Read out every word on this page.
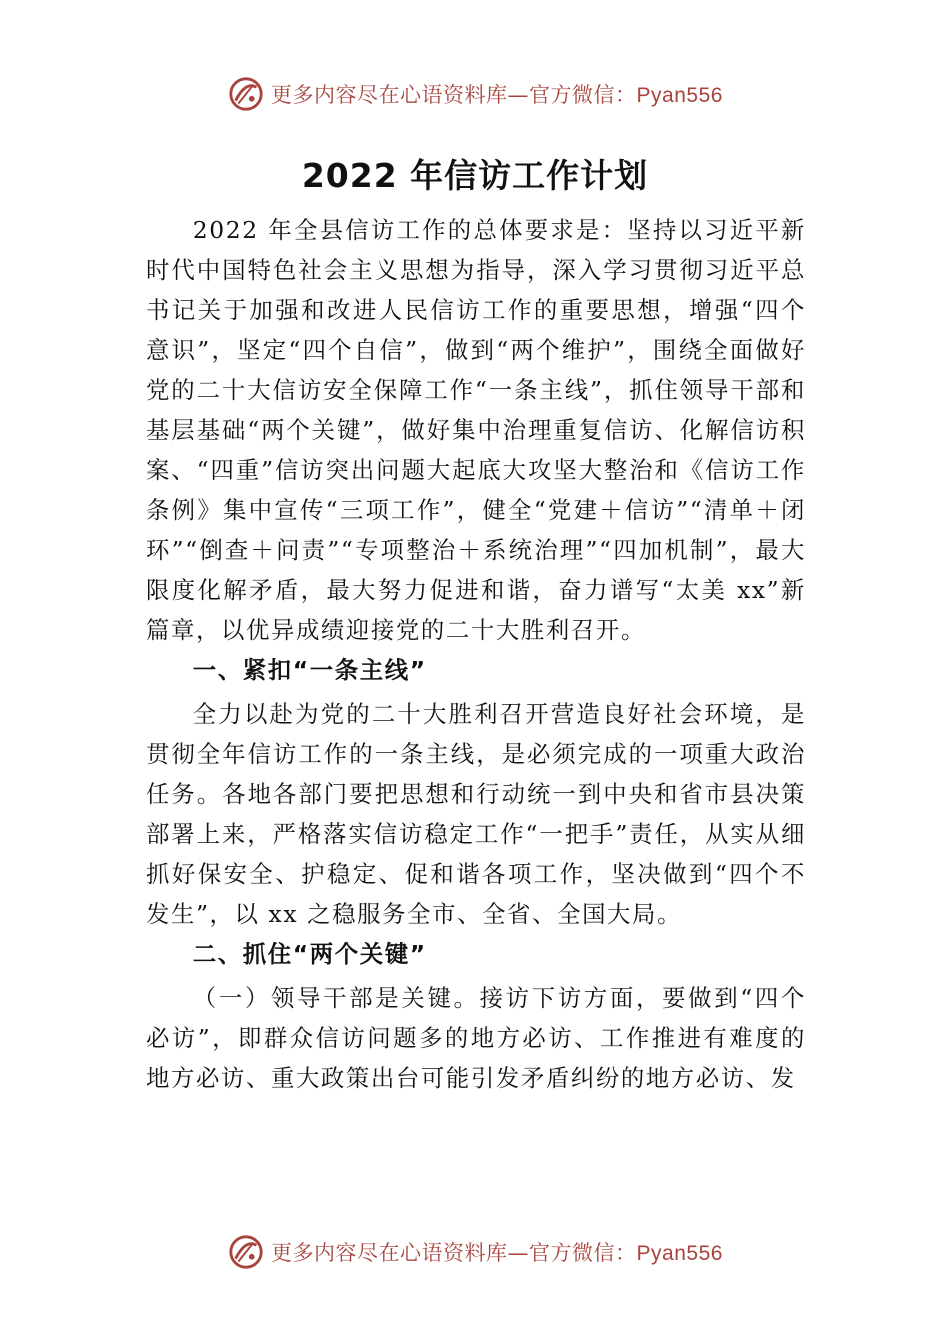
更多内容尽在心语资料库—官方微信：Pyan556
2022 年信访工作计划

2022 年全县信访工作的总体要求是：坚持以习近平新时代中国特色社会主义思想为指导，深入学习贯彻习近平总书记关于加强和改进人民信访工作的重要思想，增强“四个意识”，坚定“四个自信”，做到“两个维护”，围绕全面做好党的二十大信访安全保障工作“一条主线”，抓住领导干部和基层基础“两个关键”，做好集中治理重复信访、化解信访积案、“四重”信访突出问题大起底大攻坚大整治和《信访工作条例》集中宣传“三项工作”，健全“党建＋信访”“清单＋闭环”“倒查＋问责”“专项整治＋系统治理”“四加机制”，最大限度化解矛盾，最大努力促进和谐，奋力谱写“太美 xx”新篇章，以优异成绩迎接党的二十大胜利召开。

一、紧扣“一条主线”

全力以赴为党的二十大胜利召开营造良好社会环境，是贯彻全年信访工作的一条主线，是必须完成的一项重大政治任务。各地各部门要把思想和行动统一到中央和省市县决策部署上来，严格落实信访稳定工作“一把手”责任，从实从细抓好保安全、护稳定、促和谐各项工作，坚决做到“四个不发生”，以 xx 之稳服务全市、全省、全国大局。

二、抓住“两个关键”

（一）领导干部是关键。接访下访方面，要做到“四个必访”，即群众信访问题多的地方必访、工作推进有难度的地方必访、重大政策出台可能引发矛盾纠纷的地方必访、发

更多内容尽在心语资料库—官方微信：Pyan556
